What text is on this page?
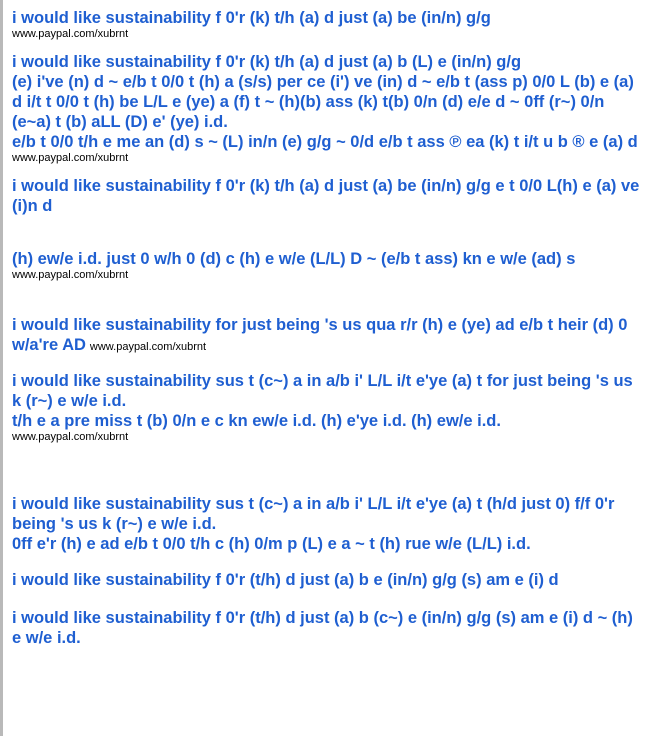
i would like sustainability f 0'r (k) t/h (a) d just (a) be (in/n) g/g

www.paypal.com/xubrnt

i would like sustainability f 0'r (k) t/h (a) d just (a) b (L) e (in/n) g/g

(e) i've (n) d ~ e/b t 0/0 t (h) a (s/s) per ce (i') ve (in) d ~ e/b t (ass p) 0/0 L (b) e (a) d i/t t 0/0 t (h) be L/L e (ye) a (f) t ~ (h)(b) ass (k) t(b) 0/n (d) e/e d ~ 0ff (r~) 0/n (e~a) t (b) aLL (D) e' (ye) i.d.

e/b t 0/0 t/h e me an (d) s ~ (L) in/n (e) g/g ~ 0/d e/b t ass ℗ ea (k) t i/t u b ® e (a) d

www.paypal.com/xubrnt

i would like sustainability f 0'r (k) t/h (a) d just (a) be (in/n) g/g e t 0/0 L(h) e (a) ve (i)n d

(h) ew/e i.d. just 0 w/h 0 (d) c (h) e w/e (L/L) D ~ (e/b t ass) kn e w/e (ad) s

www.paypal.com/xubrnt

i would like sustainability for just being 's us qua r/r (h) e (ye) ad e/b t heir (d) 0 w/a're AD www.paypal.com/xubrnt

i would like sustainability sus t (c~) a in a/b i' L/L i/t e'ye (a) t for just being 's us k (r~) e w/e i.d.

t/h e a pre miss t (b) 0/n e c kn ew/e i.d. (h) e'ye i.d. (h) ew/e i.d.

www.paypal.com/xubrnt

i would like sustainability sus t (c~) a in a/b i' L/L i/t e'ye (a) t (h/d just 0) f/f 0'r being 's us k (r~) e w/e i.d.

0ff e'r (h) e ad e/b t 0/0 t/h c (h) 0/m p (L) e a ~ t (h) rue w/e (L/L) i.d.

i would like sustainability f 0'r (t/h) d just (a) b e (in/n) g/g (s) am e (i) d

i would like sustainability f 0'r (t/h) d just (a) b (c~) e (in/n) g/g (s) am e (i) d ~ (h) e w/e i.d.
